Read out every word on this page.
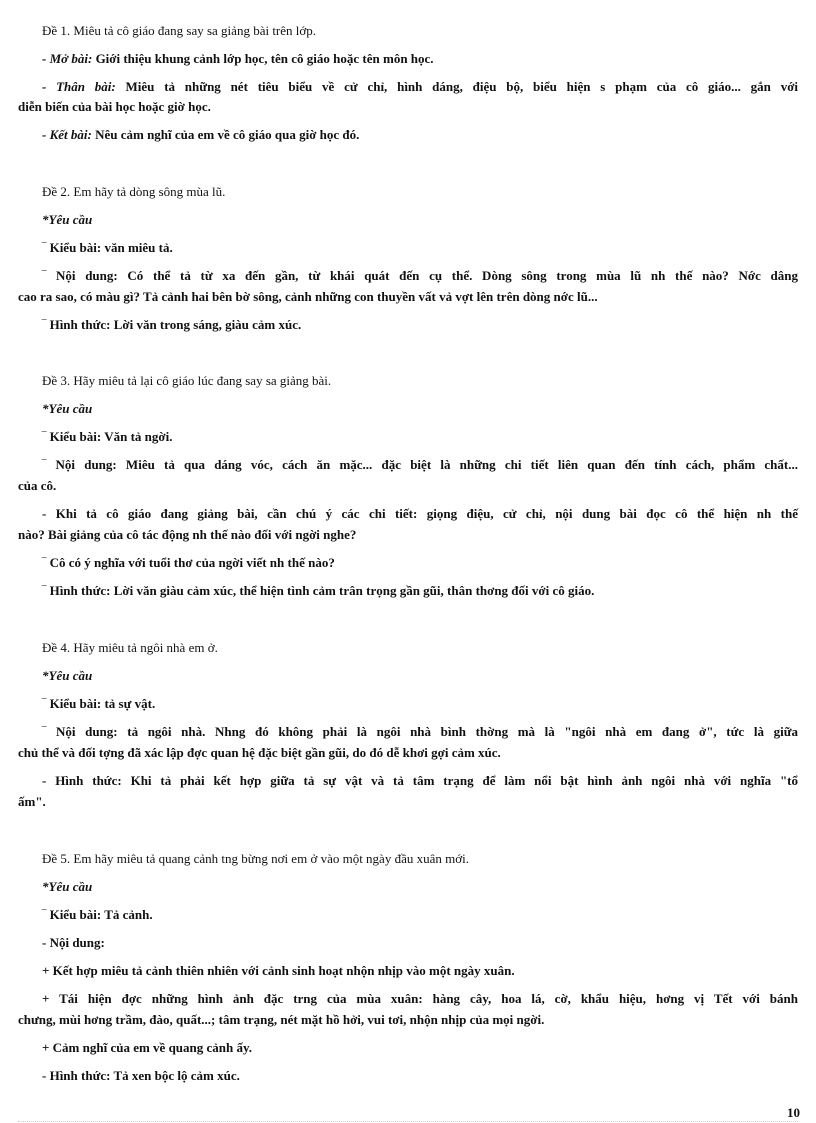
Đề 1. Miêu tả cô giáo đang say sa giảng bài trên lớp.
- Mở bài: Giới thiệu khung cảnh lớp học, tên cô giáo hoặc tên môn học.
- Thân bài: Miêu tả những nét tiêu biểu về cử chỉ, hình dáng, điệu bộ, biểu hiện s phạm của cô giáo... gắn với
diễn biến của bài học hoặc giờ học.
- Kết bài: Nêu cảm nghĩ của em về cô giáo qua giờ học đó.
Đề 2. Em hãy tả dòng sông mùa lũ.
*Yêu cầu
‾ Kiểu bài: văn miêu tả.
‾ Nội dung: Có thể tả từ xa đến gần, từ khái quát đến cụ thể. Dòng sông trong mùa lũ nh thế nào? Nớc dâng
cao ra sao, có màu gì? Tả cảnh hai bên bờ sông, cảnh những con thuyền vất vả vợt lên trên dòng nớc lũ...
‾ Hình thức: Lời văn trong sáng, giàu cảm xúc.
Đề 3. Hãy miêu tả lại cô giáo lúc đang say sa giảng bài.
*Yêu cầu
‾ Kiểu bài: Văn tả ngời.
‾ Nội dung: Miêu tả qua dáng vóc, cách ăn mặc... đặc biệt là những chi tiết liên quan đến tính cách, phẩm chất...
của cô.
- Khi tả cô giáo đang giảng bài, cần chú ý các chi tiết: giọng điệu, cử chỉ, nội dung bài đọc cô thể hiện nh thế
nào? Bài giảng của cô tác động nh thế nào đối với ngời nghe?
‾ Cô có ý nghĩa với tuổi thơ của ngời viết nh thế nào?
‾ Hình thức: Lời văn giàu cảm xúc, thể hiện tình cảm trân trọng gần gũi, thân thơng đối với cô giáo.
Đề 4. Hãy miêu tả ngôi nhà em ở.
*Yêu cầu
‾ Kiểu bài: tả sự vật.
‾ Nội dung: tả ngôi nhà. Nhng đó không phải là ngôi nhà bình thờng mà là "ngôi nhà em đang ở", tức là giữa
chủ thể và đối tợng đã xác lập đợc quan hệ đặc biệt gần gũi, do đó dễ khơi gợi cảm xúc.
- Hình thức: Khi tả phải kết hợp giữa tả sự vật và tả tâm trạng để làm nổi bật hình ảnh ngôi nhà với nghĩa "tổ
ấm".
Đề 5. Em hãy miêu tả quang cảnh tng bừng nơi em ở vào một ngày đầu xuân mới.
*Yêu cầu
‾ Kiểu bài: Tả cảnh.
- Nội dung:
+ Kết hợp miêu tả cảnh thiên nhiên với cảnh sinh hoạt nhộn nhịp vào một ngày xuân.
+ Tái hiện đợc những hình ảnh đặc trng của mùa xuân: hàng cây, hoa lá, cờ, khẩu hiệu, hơng vị Tết với bánh
chưng, mùi hơng trầm, đào, quất...; tâm trạng, nét mặt hồ hởi, vui tơi, nhộn nhịp của mọi ngời.
+ Cảm nghĩ của em về quang cảnh ấy.
- Hình thức: Tả xen bộc lộ cảm xúc.
10
